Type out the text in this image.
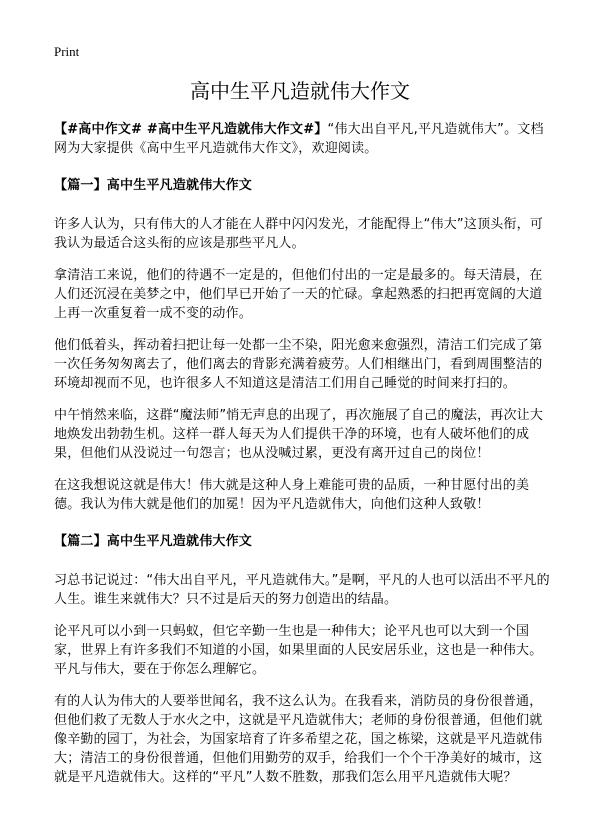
Print
高中生平凡造就伟大作文

【#高中作文# #高中生平凡造就伟大作文#】“伟大出自平凡,平凡造就伟大”。文档网为大家提供《高中生平凡造就伟大作文》，欢迎阅读。

【篇一】高中生平凡造就伟大作文

许多人认为，只有伟大的人才能在人群中闪闪发光，才能配得上“伟大”这顶头衔，可我认为最适合这头衔的应该是那些平凡人。

拿清洁工来说，他们的待遇不一定是的，但他们付出的一定是最多的。每天清晨，在人们还沉浸在美梦之中，他们早已开始了一天的忙碌。拿起熟悉的扫把再宽阔的大道上再一次重复着一成不变的动作。

他们低着头，挥动着扫把让每一处都一尘不染，阳光愈来愈强烈，清洁工们完成了第一次任务匆匆离去了，他们离去的背影充满着疲劳。人们相继出门，看到周围整洁的环境却视而不见，也许很多人不知道这是清洁工们用自己睡觉的时间来打扫的。

中午悄然来临，这群“魔法师”悄无声息的出现了，再次施展了自己的魔法，再次让大地焕发出勃勃生机。这样一群人每天为人们提供干净的环境，也有人破坏他们的成果，但他们从没说过一句怨言；也从没喊过累，更没有离开过自己的岗位！

在这我想说这就是伟大！伟大就是这种人身上难能可贵的品质，一种甘愿付出的美德。我认为伟大就是他们的加冕！因为平凡造就伟大，向他们这种人致敬！

【篇二】高中生平凡造就伟大作文

习总书记说过：“伟大出自平凡，平凡造就伟大。”是啊，平凡的人也可以活出不平凡的人生。谁生来就伟大？只不过是后天的努力创造出的结晶。

论平凡可以小到一只蚂蚁，但它辛勤一生也是一种伟大；论平凡也可以大到一个国家，世界上有许多我们不知道的小国，如果里面的人民安居乐业，这也是一种伟大。平凡与伟大，要在于你怎么理解它。

有的人认为伟大的人要举世闻名，我不这么认为。在我看来，消防员的身份很普通，但他们救了无数人于水火之中，这就是平凡造就伟大；老师的身份很普通，但他们就像辛勤的园丁，为社会，为国家培育了许多希望之花，国之栋梁，这就是平凡造就伟大；清洁工的身份很普通，但他们用勤劳的双手，给我们一个个干净美好的城市，这就是平凡造就伟大。这样的“平凡”人数不胜数，那我们怎么用平凡造就伟大呢？
